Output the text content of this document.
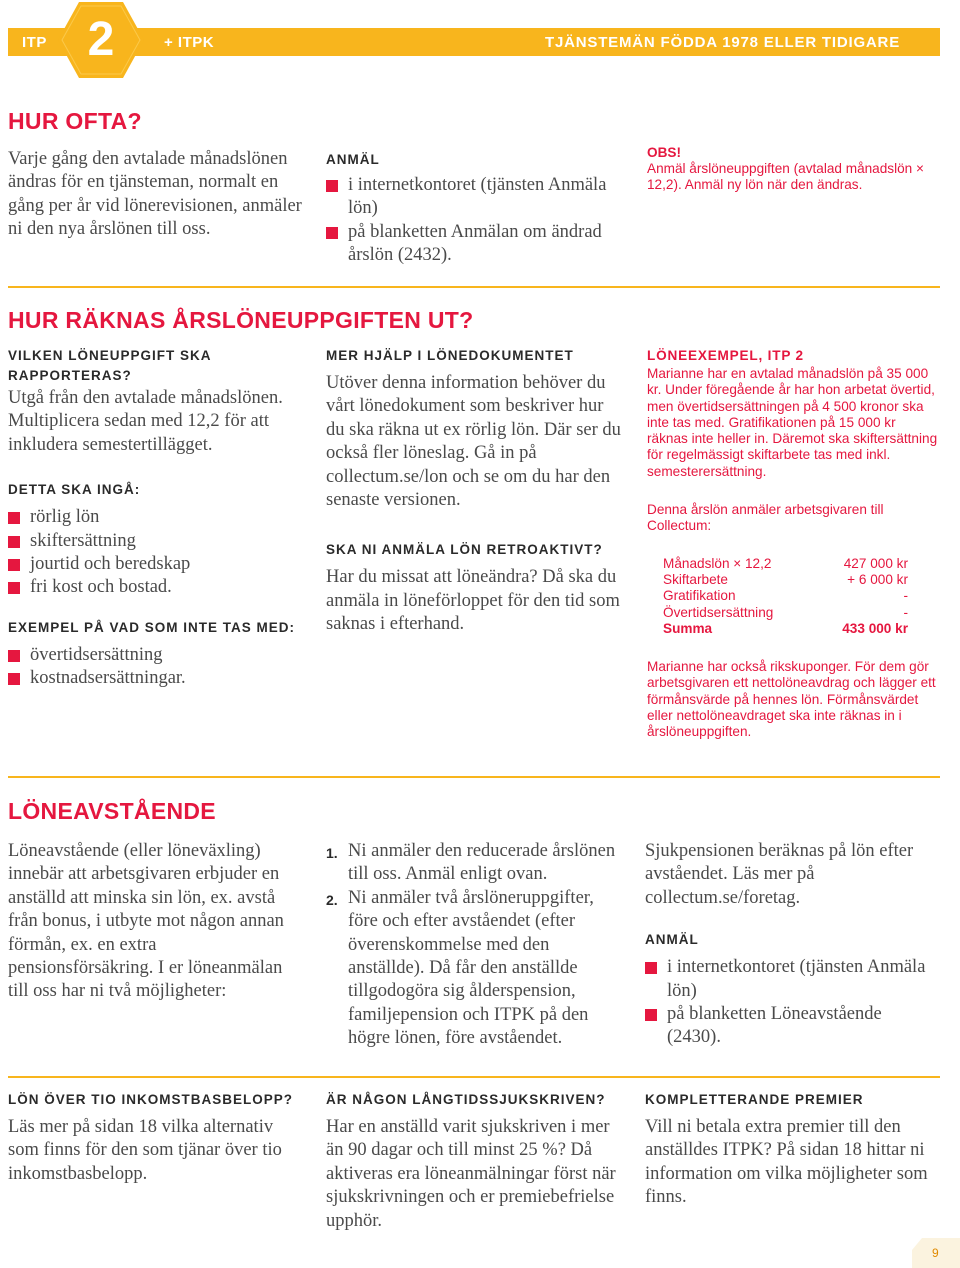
ITP	+ ITPK	TJÄNSTEMÄN FÖDDA 1978 ELLER TIDIGARE
2
HUR OFTA?
Varje gång den avtalade månadslönen ändras för en tjänsteman, normalt en gång per år vid lönerevisionen, anmäler ni den nya årslönen till oss.
ANMÄL
i internetkontoret (tjänsten Anmäla lön)
på blanketten Anmälan om ändrad årslön (2432).
OBS!
Anmäl årslöneuppgiften (avtalad månadslön × 12,2). Anmäl ny lön när den ändras.
HUR RÄKNAS ÅRSLÖNEUPPGIFTEN UT?
VILKEN LÖNEUPPGIFT SKA RAPPORTERAS?
Utgå från den avtalade månadslönen. Multiplicera sedan med 12,2 för att inkludera semestertillägget.
DETTA SKA INGÅ:
rörlig lön
skiftersättning
jourtid och beredskap
fri kost och bostad.
EXEMPEL PÅ VAD SOM INTE TAS MED:
övertidsersättning
kostnadsersättningar.
MER HJÄLP I LÖNEDOKUMENTET
Utöver denna information behöver du vårt lönedokument som beskriver hur du ska räkna ut ex rörlig lön. Där ser du också fler löneslag. Gå in på collectum.se/lon och se om du har den senaste versionen.
SKA NI ANMÄLA LÖN RETROAKTIVT?
Har du missat att löneändra? Då ska du anmäla in löneförloppet för den tid som saknas i efterhand.
LÖNEEXEMPEL, ITP 2
Marianne har en avtalad månadslön på 35 000 kr. Under föregående år har hon arbetat övertid, men övertidsersättningen på 4 500 kronor ska inte tas med. Gratifikationen på 15 000 kr räknas inte heller in. Däremot ska skiftersättning för regelmässigt skiftarbete tas med inkl. semesterersättning.
Denna årslön anmäler arbetsgivaren till Collectum:
Månadslön × 12,2	427 000 kr
Skiftarbete	+ 6 000 kr
Gratifikation	-
Övertidsersättning	-
Summa	433 000 kr
Marianne har också rikskuponger. För dem gör arbetsgivaren ett nettolöneavdrag och lägger ett förmånsvärde på hennes lön. Förmånsvärdet eller nettolöneavdraget ska inte räknas in i årslöneuppgiften.
LÖNEAVSTÅENDE
Löneavstående (eller löneväxling) innebär att arbetsgivaren erbjuder en anställd att minska sin lön, ex. avstå från bonus, i utbyte mot någon annan förmån, ex. en extra pensionsförsäkring. I er löneanmälan till oss har ni två möjligheter:
1. Ni anmäler den reducerade årslönen till oss. Anmäl enligt ovan.
2. Ni anmäler två årslöneruppgifter, före och efter avståendet (efter överenskommelse med den anställde). Då får den anställde tillgodogöra sig ålderspension, familjepension och ITPK på den högre lönen, före avståendet.
Sjukpensionen beräknas på lön efter avståendet. Läs mer på collectum.se/foretag.
ANMÄL
i internetkontoret (tjänsten Anmäla lön)
på blanketten Löneavstående (2430).
LÖN ÖVER TIO INKOMSTBASBELOPP?
Läs mer på sidan 18 vilka alternativ som finns för den som tjänar över tio inkomstbasbelopp.
ÄR NÅGON LÅNGTIDSSJUKSKRIVEN?
Har en anställd varit sjukskriven i mer än 90 dagar och till minst 25 %? Då aktiveras era löneanmälningar först när sjukskrivningen och er premiebefrielse upphör.
KOMPLETTERANDE PREMIER
Vill ni betala extra premier till den anställdes ITPK? På sidan 18 hittar ni information om vilka möjligheter som finns.
9
